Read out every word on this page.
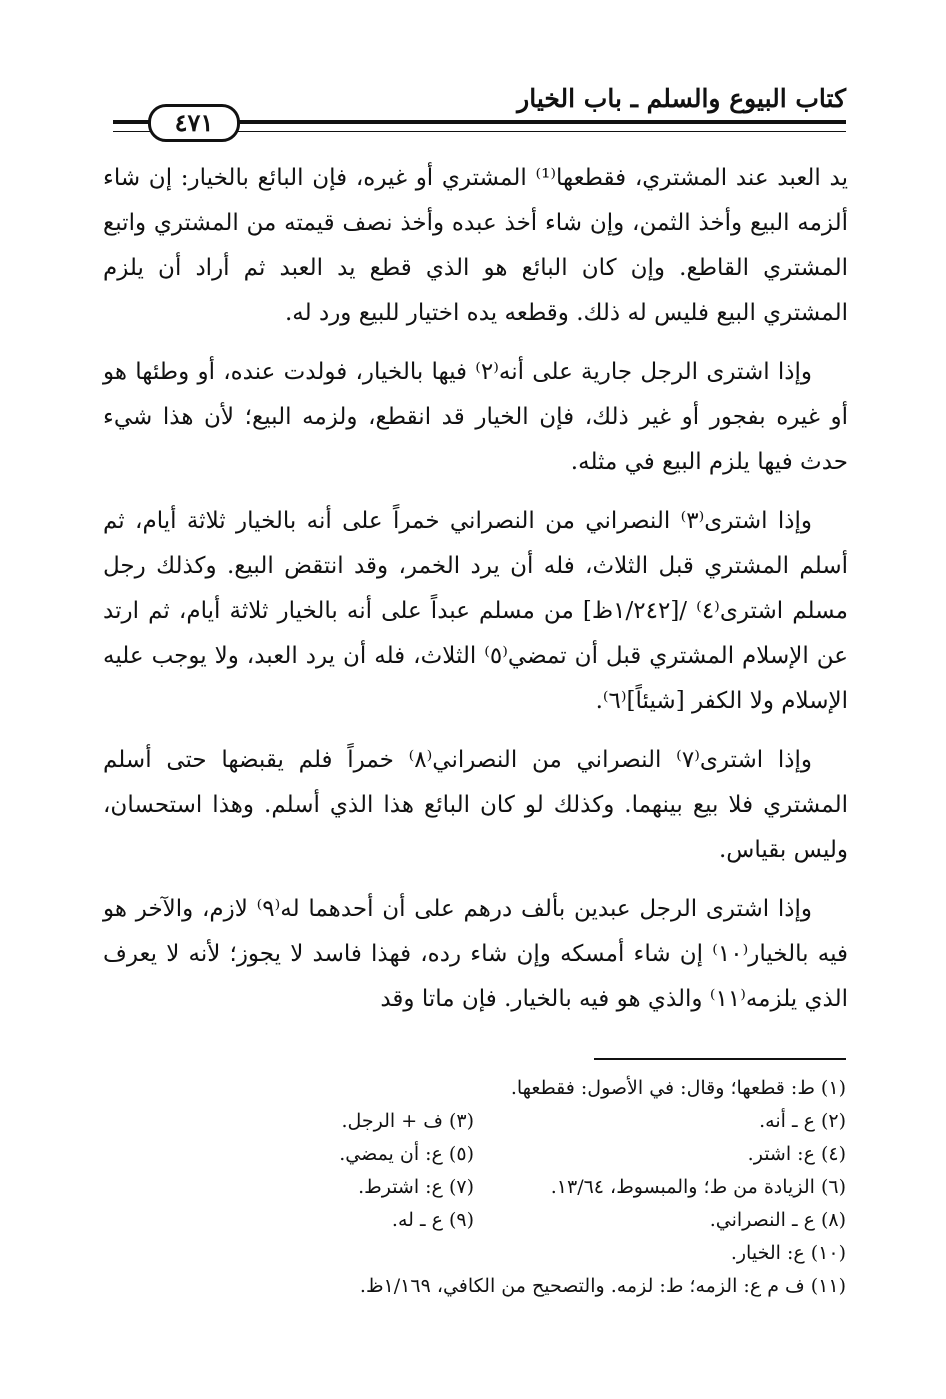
كتاب البيوع والسلم ـ باب الخيار
٤٧١

يد العبد عند المشتري، فقطعها⁽¹⁾ المشتري أو غيره، فإن البائع بالخيار: إن شاء ألزمه البيع وأخذ الثمن، وإن شاء أخذ عبده وأخذ نصف قيمته من المشتري واتبع المشتري القاطع. وإن كان البائع هو الذي قطع يد العبد ثم أراد أن يلزم المشتري البيع فليس له ذلك. وقطعه يده اختيار للبيع ورد له.

وإذا اشترى الرجل جارية على أنه⁽٢⁾ فيها بالخيار، فولدت عنده، أو وطئها هو أو غيره بفجور أو غير ذلك، فإن الخيار قد انقطع، ولزمه البيع؛ لأن هذا شيء حدث فيها يلزم البيع في مثله.

وإذا اشترى⁽٣⁾ النصراني من النصراني خمراً على أنه بالخيار ثلاثة أيام، ثم أسلم المشتري قبل الثلاث، فله أن يرد الخمر، وقد انتقض البيع. وكذلك رجل مسلم اشترى⁽٤⁾ /[١/٢٤٢ظ] من مسلم عبداً على أنه بالخيار ثلاثة أيام، ثم ارتد عن الإسلام المشتري قبل أن تمضي⁽٥⁾ الثلاث، فله أن يرد العبد، ولا يوجب عليه الإسلام ولا الكفر [شيئاً]⁽٦⁾.

وإذا اشترى⁽٧⁾ النصراني من النصراني⁽٨⁾ خمراً فلم يقبضها حتى أسلم المشتري فلا بيع بينهما. وكذلك لو كان البائع هذا الذي أسلم. وهذا استحسان، وليس بقياس.

وإذا اشترى الرجل عبدين بألف درهم على أن أحدهما له⁽٩⁾ لازم، والآخر هو فيه بالخيار⁽١٠⁾ إن شاء أمسكه وإن شاء رده، فهذا فاسد لا يجوز؛ لأنه لا يعرف الذي يلزمه⁽١١⁾ والذي هو فيه بالخيار. فإن ماتا وقد

(١) ط: قطعها؛ وقال: في الأصول: فقطعها.
(٢) ع ـ أنه.
(٣) ف + الرجل.
(٤) ع: اشتر.
(٥) ع: أن يمضي.
(٦) الزيادة من ط؛ والمبسوط، ١٣/٦٤.
(٧) ع: اشترط.
(٨) ع ـ النصراني.
(٩) ع ـ له.
(١٠) ع: الخيار.
(١١) ف م ع: الزمه؛ ط: لزمه. والتصحيح من الكافي، ١/١٦٩ظ.
